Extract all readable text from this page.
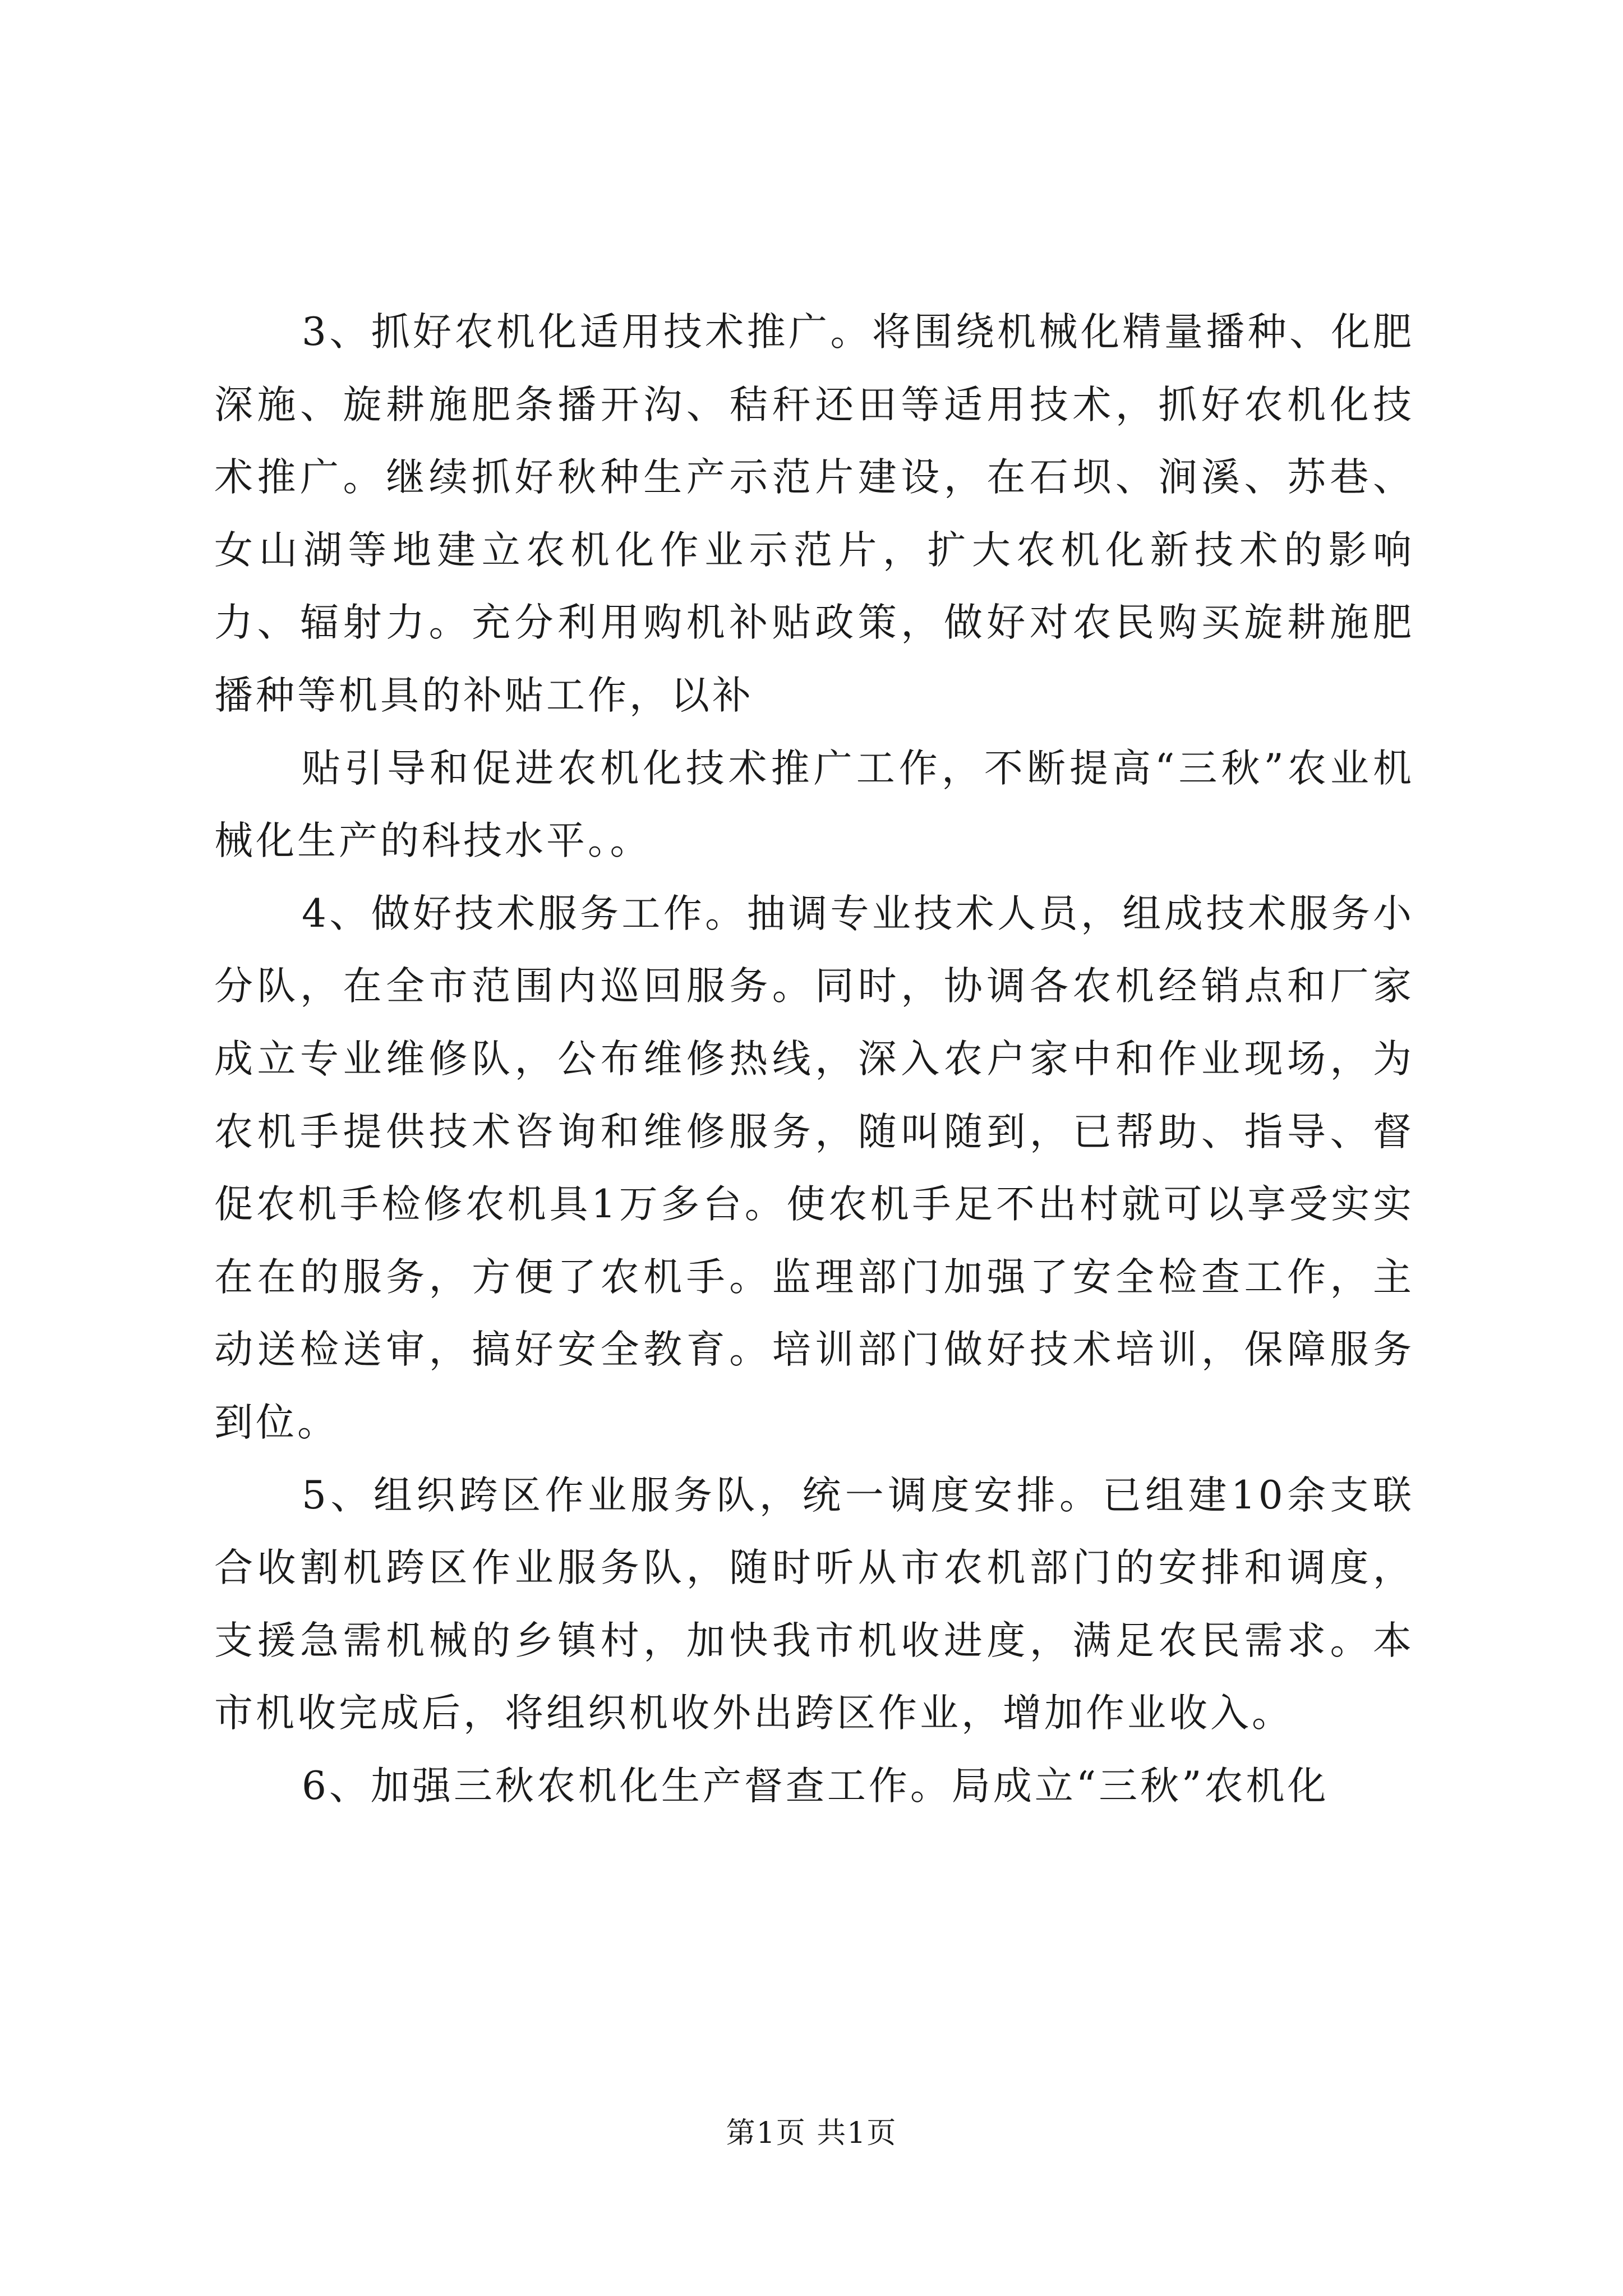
3、抓好农机化适用技术推广。将围绕机械化精量播种、化肥深施、旋耕施肥条播开沟、秸秆还田等适用技术，抓好农机化技术推广。继续抓好秋种生产示范片建设，在石坝、涧溪、苏巷、女山湖等地建立农机化作业示范片，扩大农机化新技术的影响力、辐射力。充分利用购机补贴政策，做好对农民购买旋耕施肥播种等机具的补贴工作，以补

贴引导和促进农机化技术推广工作，不断提高“三秋”农业机械化生产的科技水平。。

4、做好技术服务工作。抽调专业技术人员，组成技术服务小分队，在全市范围内巡回服务。同时，协调各农机经销点和厂家成立专业维修队，公布维修热线，深入农户家中和作业现场，为农机手提供技术咨询和维修服务，随叫随到，已帮助、指导、督促农机手检修农机具1万多台。使农机手足不出村就可以享受实实在在的服务，方便了农机手。监理部门加强了安全检查工作，主动送检送审，搞好安全教育。培训部门做好技术培训，保障服务到位。

5、组织跨区作业服务队，统一调度安排。已组建10余支联合收割机跨区作业服务队，随时听从市农机部门的安排和调度，支援急需机械的乡镇村，加快我市机收进度，满足农民需求。本市机收完成后，将组织机收外出跨区作业，增加作业收入。

6、加强三秋农机化生产督查工作。局成立“三秋”农机化

第1页 共1页
